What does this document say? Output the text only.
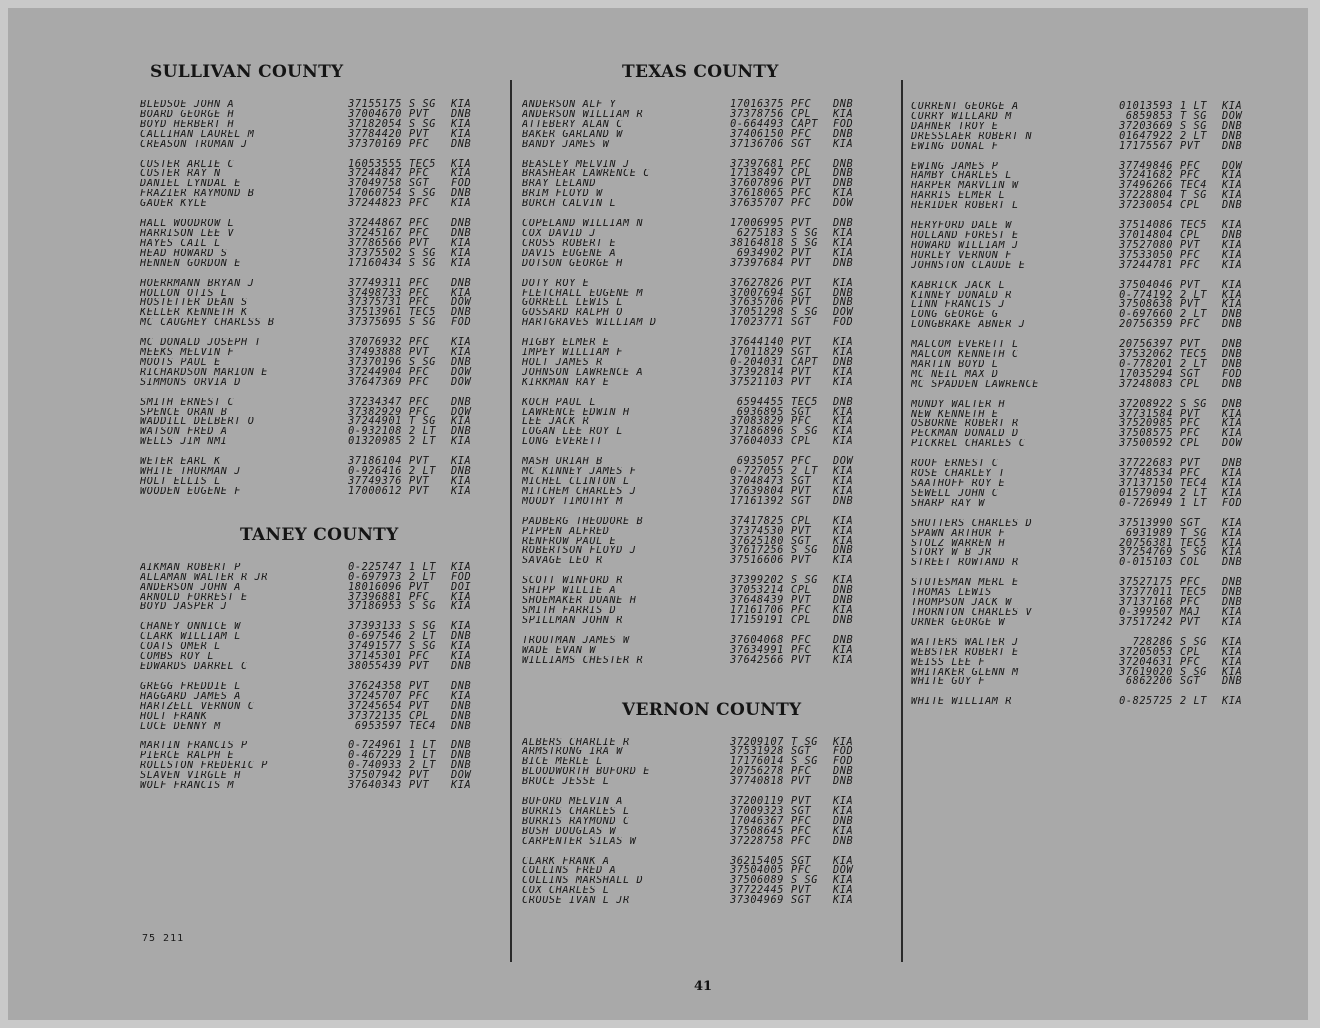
SULLIVAN COUNTY
BLEDSOE JOHN A	37155175 S SG	KIA
BOARD GEORGE H	37004670 PVT	DNB
BOYD HERBERT H	37182054 S SG	KIA
CALLIHAN LAUREL M	37784420 PVT	KIA
CREASON TRUMAN J	37370169 PFC	DNB
CUSTER ARLIE C	16053555 TEC5	KIA
CUSTER RAY N	37244847 PFC	KIA
DANIEL LYNDAL E	37049758 SGT	FOD
FRAZIER RAYMOND B	17060754 S SG	DNB
GAUER KYLE	37244823 PFC	KIA
HALL WOODROW L	37244867 PFC	DNB
HARRISON LEE V	37245167 PFC	DNB
HAYES CAIL L	37786566 PVT	KIA
HEAD HOWARD S	37375502 S SG	KIA
HENNEN GORDON E	17160434 S SG	KIA
HOERRMANN BRYAN J	37749311 PFC	DNB
HOLLON OTIS L	37498733 PFC	KIA
HOSTETTER DEAN S	37375731 PFC	DOW
KELLER KENNETH K	37513961 TEC5	DNB
MC CAUGHEY CHARLSS B	37375695 S SG	FOD
MC DONALD JOSEPH T	37076932 PFC	KIA
MEEKS MELVIN F	37493888 PVT	KIA
MOOTS PAUL E	37370196 S SG	DNB
RICHARDSON MARION E	37244904 PFC	DOW
SIMMONS ORVIA D	37647369 PFC	DOW
SMITH ERNEST C	37234347 PFC	DNB
SPENCE ORAN B	37382929 PFC	DOW
WADDILL DELBERT O	37244901 T SG	KIA
WATSON FRED A	0-932108 2 LT	DNB
WELLS JIM NMI	01320985 2 LT	KIA
WETER EARL K	37186104 PVT	KIA
WHITE THURMAN J	0-926416 2 LT	DNB
HOLT ELLIS L	37749376 PVT	KIA
WOODEN EUGENE F	17000612 PVT	KIA
TANEY COUNTY
AIKMAN ROBERT P	0-225747 1 LT	KIA
ALLAMAN WALTER R JR	0-697973 2 LT	FOD
ANDERSON JOHN A	18016096 PVT	DOI
ARNOLD FORREST E	37396881 PFC	KIA
BOYD JASPER J	37186953 S SG	KIA
CHANEY ONNICE W	37393133 S SG	KIA
CLARK WILLIAM L	0-697546 2 LT	DNB
COATS OMER L	37491577 S SG	KIA
COMBS ROY L	37145301 PFC	KIA
EDWARDS DARREL C	38055439 PVT	DNB
GREGG FREDDIE L	37624358 PVT	DNB
HAGGARD JAMES A	37245707 PFC	KIA
HARTZELL VERNON C	37245654 PVT	DNB
HOLT FRANK	37372135 CPL	DNB
LUCE DENNY M	6953597 TEC4	DNB
MARTIN FRANCIS P	0-724961 1 LT	DNB
PIERCE RALPH E	0-467229 1 LT	DNB
ROLLSTON FREDERIC P	0-740933 2 LT	DNB
SLAVEN VIRGLE H	37507942 PVT	DOW
WOLF FRANCIS M	37640343 PVT	KIA
TEXAS COUNTY
ANDERSON ALF Y	17016375 PFC	DNB
ANDERSON WILLIAM R	37378756 CPL	KIA
ATTEBERY ALAN C	0-664493 CAPT	FOD
BAKER GARLAND W	37406150 PFC	DNB
BANDY JAMES W	37136706 SGT	KIA
BEASLEY MELVIN J	37397681 PFC	DNB
BRASHEAR LAWRENCE C	17138497 CPL	DNB
BRAY LELAND	37607896 PVT	DNB
BRIM FLOYD W	37618065 PFC	KIA
BURCH CALVIN L	37635707 PFC	DOW
COPELAND WILLIAM N	17006995 PVT	DNB
COX DAVID J	6275183 S SG	KIA
CROSS ROBERT E	38164818 S SG	KIA
DAVIS EUGENE A	6934902 PVT	KIA
DOTSON GEORGE H	37397684 PVT	DNB
DOTY ROY E	37627826 PVT	KIA
FLETCHALL EUGENE M	37007694 SGT	DNB
GORRELL LEWIS L	37635706 PVT	DNB
GOSSARD RALPH O	37051298 S SG	DOW
HARTGRAVES WILLIAM D	17023771 SGT	FOD
HIGBY ELMER E	37644140 PVT	KIA
IMPEY WILLIAM F	17011829 SGT	KIA
HOLT JAMES R	0-204031 CAPT	DNB
JOHNSON LAWRENCE A	37392814 PVT	KIA
KIRKMAN RAY E	37521103 PVT	KIA
KOCH PAUL L	6594455 TEC5	DNB
LAWRENCE EDWIN H	6936895 SGT	KIA
LEE JACK R	37083829 PFC	KIA
LOGAN LEE ROY L	37186896 S SG	KIA
LONG EVERETT	37604033 CPL	KIA
MASH URIAH B	6935057 PFC	DOW
MC KINNEY JAMES F	0-727055 2 LT	KIA
MICHEL CLINTON L	37048473 SGT	KIA
MITCHEM CHARLES J	37639804 PVT	KIA
MOODY TIMOTHY M	17161392 SGT	DNB
PADBERG THEODORE B	37417825 CPL	KIA
PIPPEN ALFRED	37374530 PVT	KIA
RENFROW PAUL E	37625180 SGT	KIA
ROBERTSON FLOYD J	37617256 S SG	DNB
SAVAGE LEO R	37516606 PVT	KIA
SCOTT WINFORD R	37399202 S SG	KIA
SHIPP WILLIE A	37053214 CPL	DNB
SHOEMAKER DUANE H	37648439 PVT	DNB
SMITH FARRIS D	17161706 PFC	KIA
SPILLMAN JOHN R	17159191 CPL	DNB
TROUTMAN JAMES W	37604068 PFC	DNB
WADE EVAN W	37634991 PFC	KIA
WILLIAMS CHESTER R	37642566 PVT	KIA
VERNON COUNTY
ALBERS CHARLIE R	37209107 T SG	KIA
ARMSTRONG IRA W	37531928 SGT	FOD
BICE MERLE L	17176014 S SG	FOD
BLOODWORTH BUFORD E	20756278 PFC	DNB
BRUCE JESSE L	37740818 PVT	DNB
BUFORD MELVIN A	37200119 PVT	KIA
BURRIS CHARLES L	37009323 SGT	KIA
BURRIS RAYMOND C	17046367 PFC	DNB
BUSH DOUGLAS W	37508645 PFC	KIA
CARPENTER SILAS W	37228758 PFC	DNB
CLARK FRANK A	36215405 SGT	KIA
COLLINS FRED A	37504005 PFC	DOW
COLLINS MARSHALL D	37506089 S SG	KIA
COX CHARLES L	37722445 PVT	KIA
CROUSE IVAN L JR	37304969 SGT	KIA
CURRENT GEORGE A	01013593 1 LT	KIA
CURRY WILLARD M	6859853 T SG	DOW
DAHNER TROY E	37203669 S SG	DNB
DRESSLAER ROBERT N	01647922 2 LT	DNB
EWING DONAL F	17175567 PVT	DNB
EWING JAMES P	37749846 PFC	DOW
HAMBY CHARLES L	37241682 PFC	KIA
HARPER MARVLIN W	37496266 TEC4	KIA
HARRIS ELMER L	37228804 T SG	KIA
HERIDER ROBERT L	37230054 CPL	DNB
HERYFORD DALE W	37514086 TEC5	KIA
HOLLAND FOREST E	37014804 CPL	DNB
HOWARD WILLIAM J	37527080 PVT	KIA
HURLEY VERNON F	37533050 PFC	KIA
JOHNSTON CLAUDE E	37244781 PFC	KIA
KABRICK JACK L	37504046 PVT	KIA
KINNEY DONALD R	0-774192 2 LT	KIA
LINN FRANCIS J	37508638 PVT	KIA
LONG GEORGE G	0-697660 2 LT	DNB
LONGBRAKE ABNER J	20756359 PFC	DNB
MALCOM EVERETT L	20756397 PVT	DNB
MALCOM KENNETH C	37532062 TEC5	DNB
MARTIN BOYD L	0-778201 2 LT	DNB
MC NEIL MAX D	17035294 SGT	FOD
MC SPADDEN LAWRENCE	37248083 CPL	DNB
MUNDY WALTER H	37208922 S SG	DNB
NEW KENNETH E	37731584 PVT	KIA
OSBORNE ROBERT R	37520985 PFC	KIA
PECKMAN DONALD D	37508575 PFC	KIA
PICKREL CHARLES C	37500592 CPL	DOW
ROOF ERNEST C	37722683 PVT	DNB
ROSE CHARLEY T	37748534 PFC	KIA
SAATHOFF ROY E	37137150 TEC4	KIA
SEWELL JOHN C	01579094 2 LT	KIA
SHARP RAY W	0-726949 1 LT	FOD
SHUTTERS CHARLES D	37513990 SGT	KIA
SPAWN ARTHUR F	6931989 T SG	KIA
STOLZ WARREN H	20756381 TEC5	KIA
STORY W B JR	37254769 S SG	KIA
STREET ROWTAND R	0-015103 COL	DNB
STUTESMAN MERL E	37527175 PFC	DNB
THOMAS LEWIS	37377011 TEC5	DNB
THOMPSON JACK W	37137168 PFC	DNB
THORNTON CHARLES V	0-399507 MAJ	KIA
URNER GEORGE W	37517242 PVT	KIA
WATTERS WALTER J	728286 S SG	KIA
WEBSTER ROBERT E	37205053 CPL	KIA
WEISS LEE F	37204631 PFC	KIA
WHITAKER GLENN M	37619020 S SG	KIA
WHITE GUY F	6862206 SGT	DNB
WHITE WILLIAM R	0-825725 2 LT	KIA
75 211
41
